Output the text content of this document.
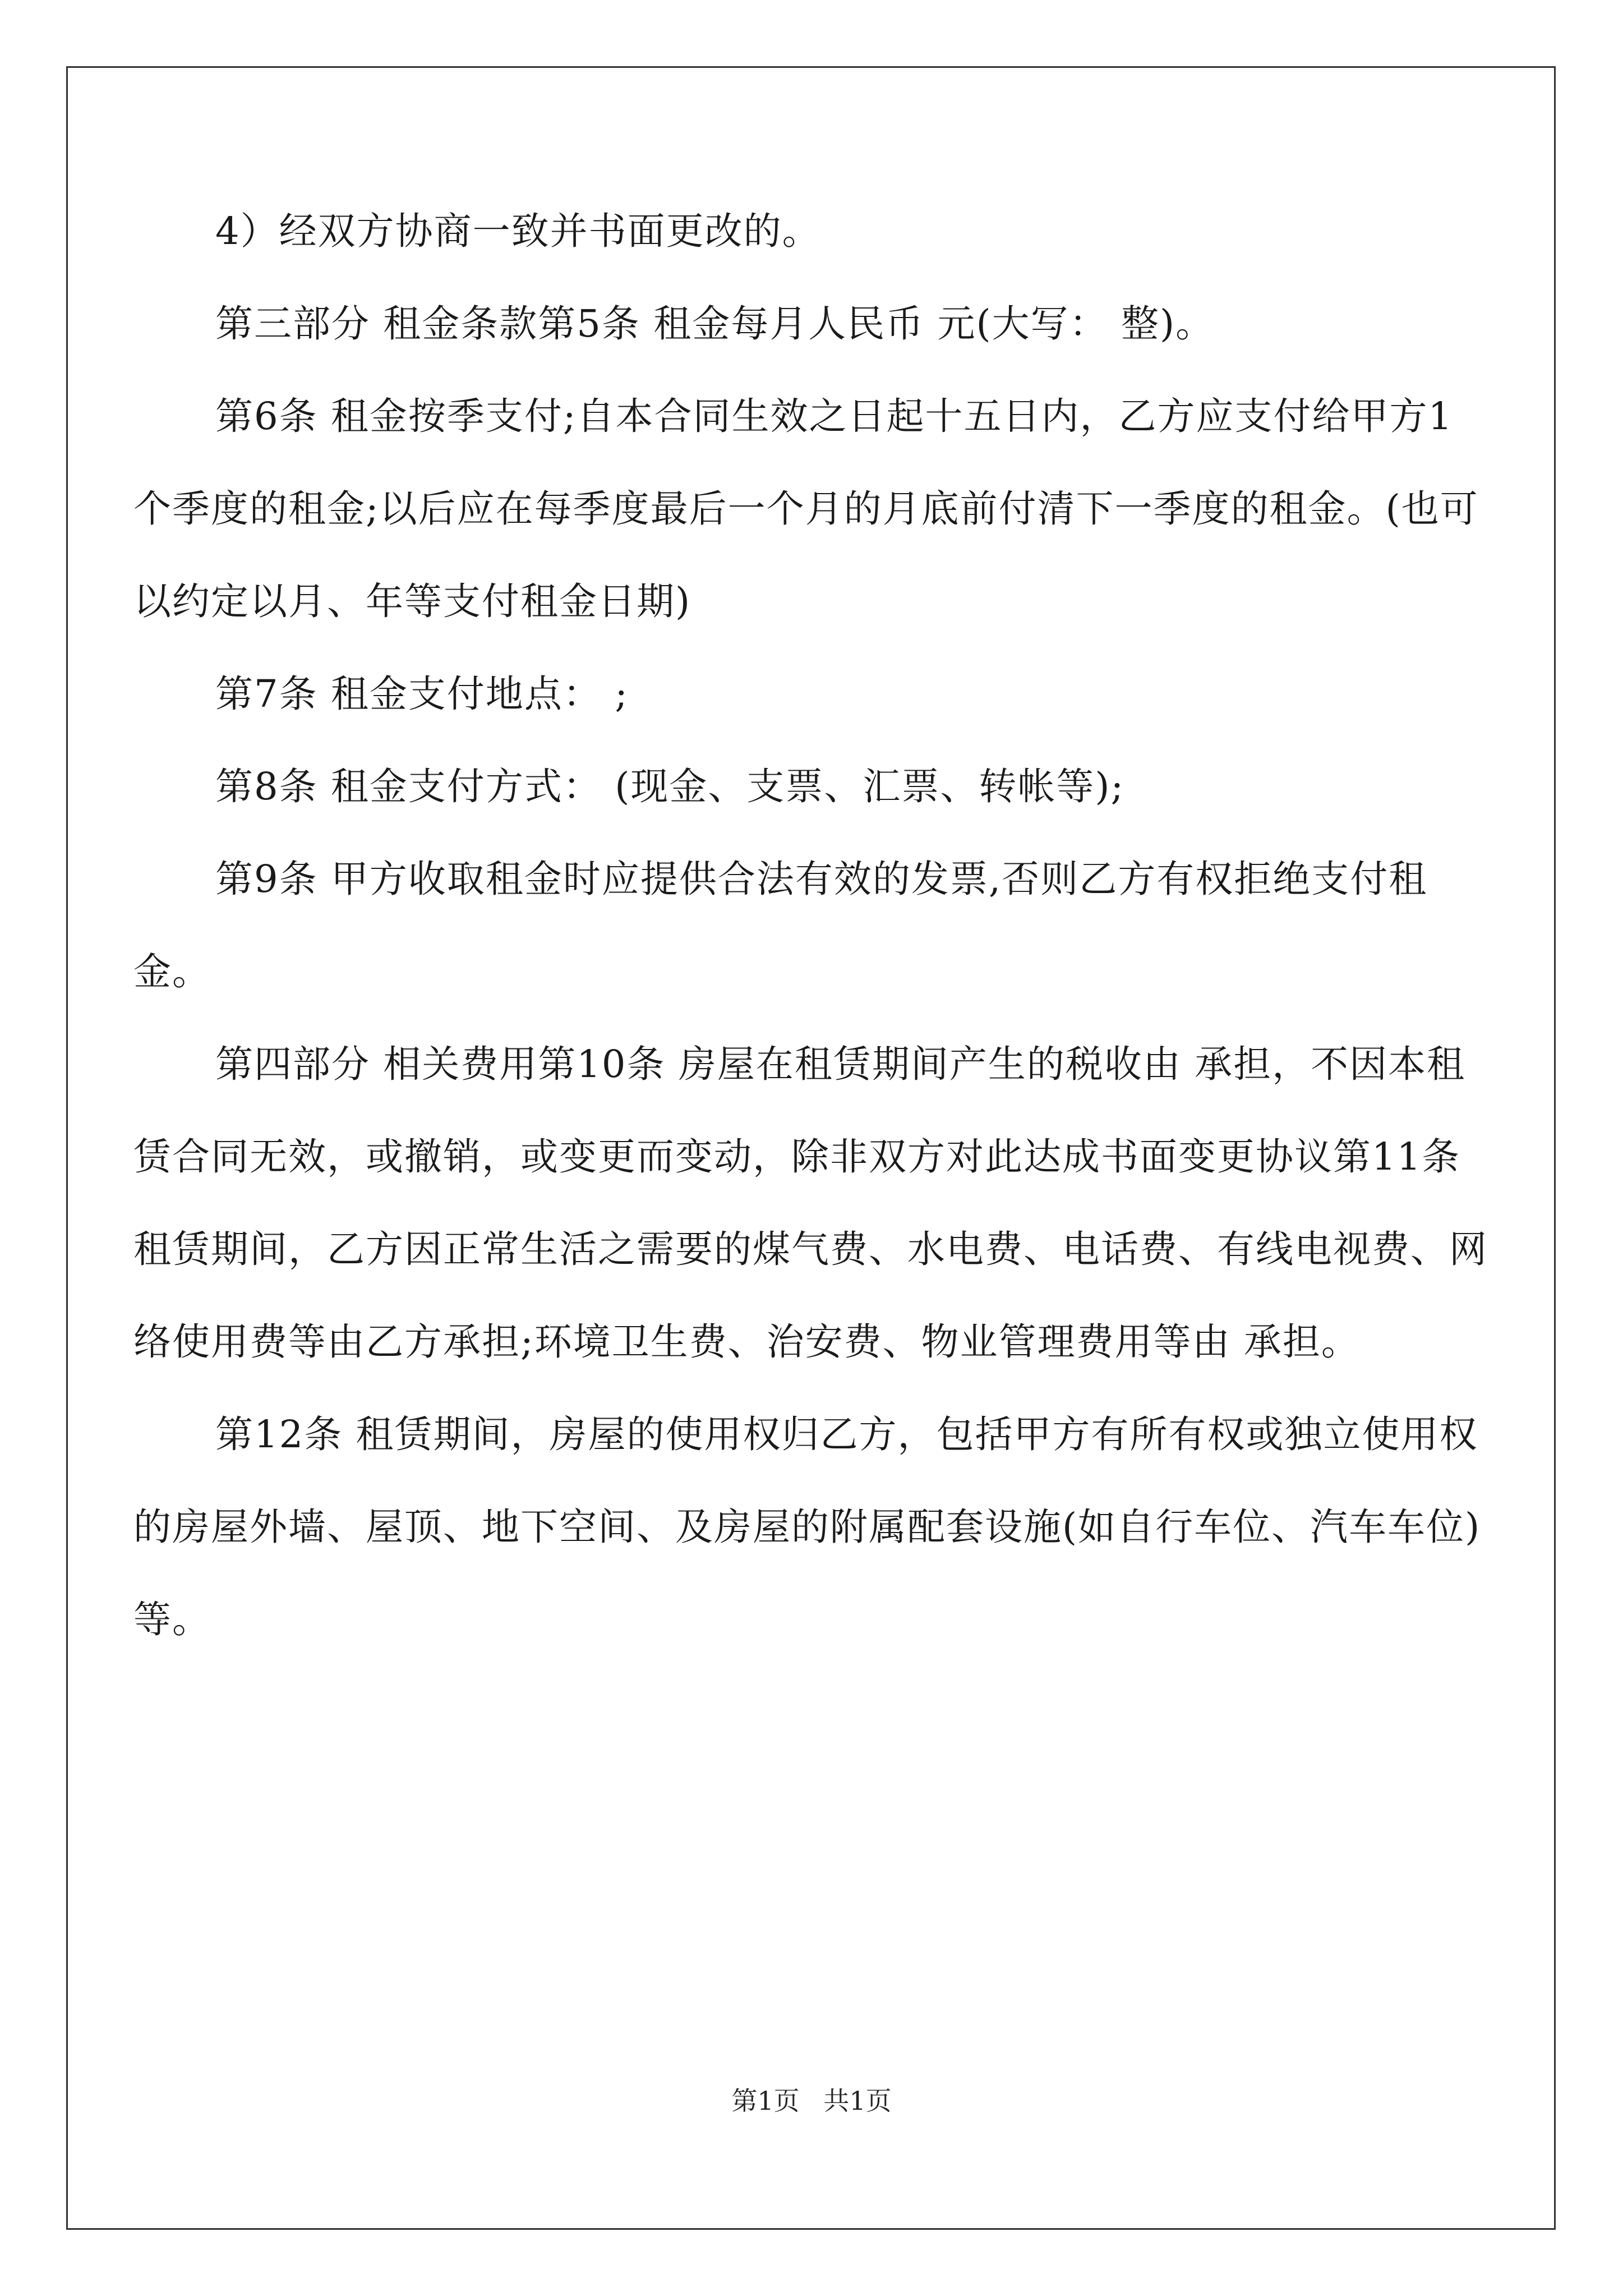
4）经双方协商一致并书面更改的。

第三部分 租金条款第5条 租金每月人民币 元(大写： 整)。

第6条 租金按季支付;自本合同生效之日起十五日内，乙方应支付给甲方1个季度的租金;以后应在每季度最后一个月的月底前付清下一季度的租金。(也可以约定以月、年等支付租金日期)

第7条 租金支付地点： ;

第8条 租金支付方式： (现金、支票、汇票、转帐等);

第9条 甲方收取租金时应提供合法有效的发票,否则乙方有权拒绝支付租金。

第四部分 相关费用第10条 房屋在租赁期间产生的税收由 承担，不因本租赁合同无效，或撤销，或变更而变动，除非双方对此达成书面变更协议第11条 租赁期间，乙方因正常生活之需要的煤气费、水电费、电话费、有线电视费、网络使用费等由乙方承担;环境卫生费、治安费、物业管理费用等由 承担。

第12条 租赁期间，房屋的使用权归乙方，包括甲方有所有权或独立使用权的房屋外墙、屋顶、地下空间、及房屋的附属配套设施(如自行车位、汽车车位)等。

第1页 共1页
